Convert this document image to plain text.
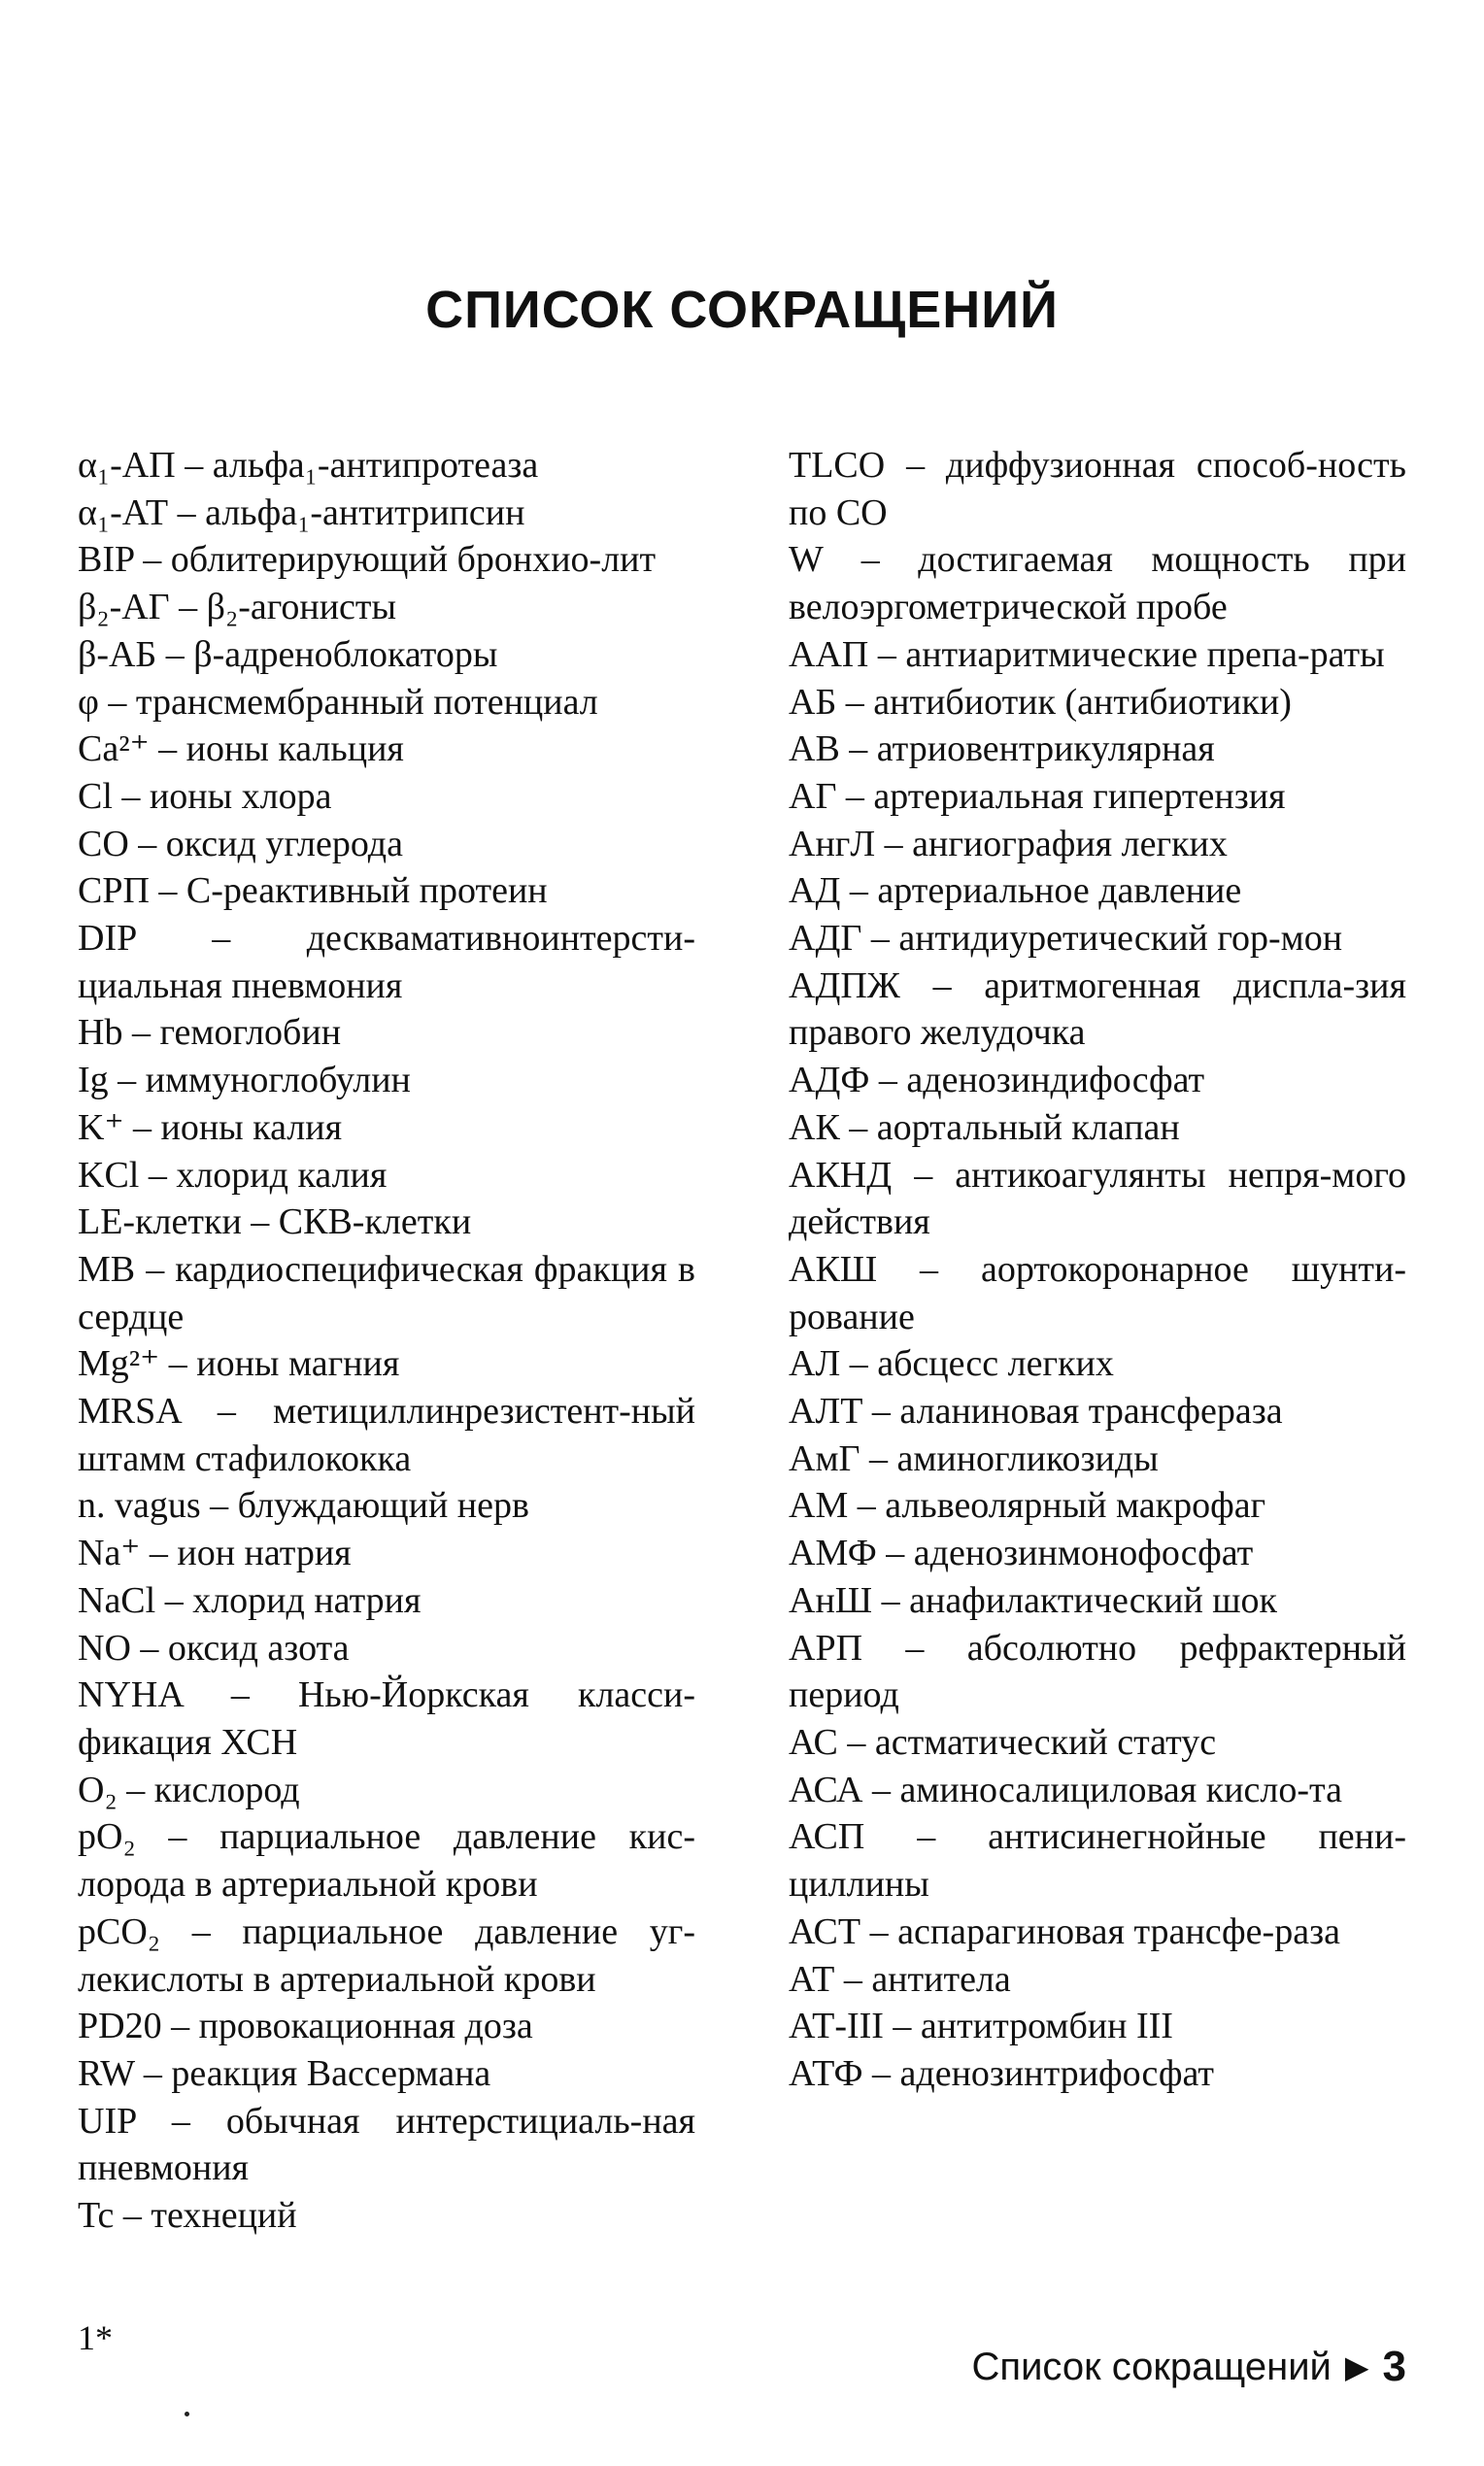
СПИСОК СОКРАЩЕНИЙ

α₁-АП – альфа₁-антипротеаза

α₁-АТ – альфа₁-антитрипсин

BIP – облитерирующий бронхио-лит

β₂-АГ – β₂-агонисты

β-АБ – β-адреноблокаторы

φ – трансмембранный потенциал

Ca²⁺ – ионы кальция

Cl – ионы хлора

CO – оксид углерода

СРП – С-реактивный протеин

DIP – десквамативноинтерсти-циальная пневмония

Hb – гемоглобин

Ig – иммуноглобулин

K⁺ – ионы калия

KCl – хлорид калия

LE-клетки – СКВ-клетки

MB – кардиоспецифическая фракция в сердце

Mg²⁺ – ионы магния

MRSA – метициллинрезистент-ный штамм стафилококка

n. vagus – блуждающий нерв

Na⁺ – ион натрия

NaCl – хлорид натрия

NO – оксид азота

NYHA – Нью-Йоркская класси-фикация ХСН

O₂ – кислород

pO₂ – парциальное давление кис-лорода в артериальной крови

pCO₂ – парциальное давление уг-лекислоты в артериальной крови

PD20 – провокационная доза

RW – реакция Вассермана

UIP – обычная интерстициаль-ная пневмония

Tc – технеций

TLCO – диффузионная способ-ность по CO

W – достигаемая мощность при велоэргометрической пробе

ААП – антиаритмические препа-раты

АБ – антибиотик (антибиотики)

АВ – атриовентрикулярная

АГ – артериальная гипертензия

АнгЛ – ангиография легких

АД – артериальное давление

АДГ – антидиуретический гор-мон

АДПЖ – аритмогенная диспла-зия правого желудочка

АДФ – аденозиндифосфат

АК – аортальный клапан

АКНД – антикоагулянты непря-мого действия

АКШ – аортокоронарное шунти-рование

АЛ – абсцесс легких

АЛТ – аланиновая трансфераза

АмГ – аминогликозиды

АМ – альвеолярный макрофаг

АМФ – аденозинмонофосфат

АнШ – анафилактический шок

АРП – абсолютно рефрактерный период

АС – астматический статус

АСА – аминосалициловая кисло-та

АСП – антисинегнойные пени-циллины

АСТ – аспарагиновая трансфе-раза

АТ – антитела

АТ-III – антитромбин III

АТФ – аденозинтрифосфат

1*
Список сокращений ▶ 3
